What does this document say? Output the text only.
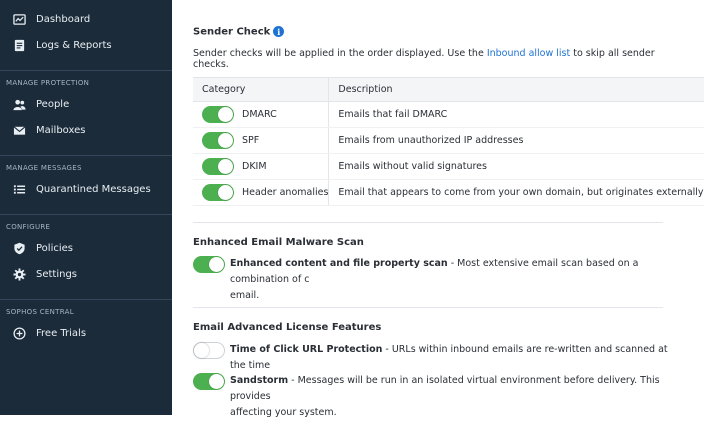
Dashboard
Logs & Reports
MANAGE PROTECTION
People
Mailboxes
MANAGE MESSAGES
Quarantined Messages
CONFIGURE
Policies
Settings
SOPHOS CENTRAL
Free Trials
Sender Check i
Sender checks will be applied in the order displayed. Use the Inbound allow list to skip all sender checks.
Category	Description

DMARC	Emails that fail DMARC

SPF	Emails from unauthorized IP addresses

DKIM	Emails without valid signatures

Header anomalies	Email that appears to come from your own domain, but originates externally
Enhanced Email Malware Scan
Enhanced content and file property scan - Most extensive email scan based on a combination of c
email.
Email Advanced License Features
Time of Click URL Protection - URLs within inbound emails are re-written and scanned at the time
Sandstorm - Messages will be run in an isolated virtual environment before delivery. This provides
affecting your system.
